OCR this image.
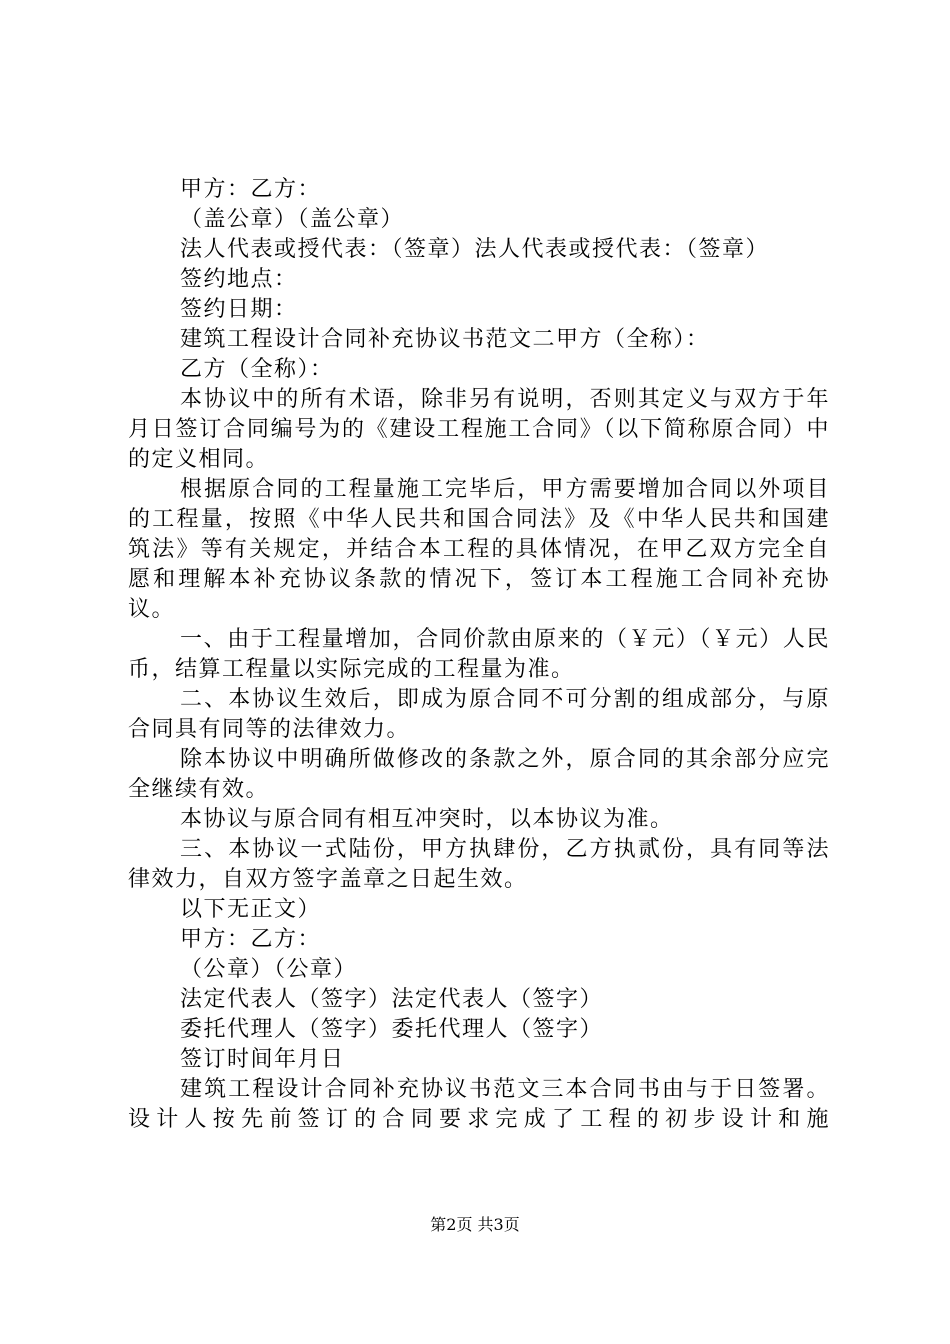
甲方：乙方：

（盖公章）（盖公章）

法人代表或授代表：（签章）法人代表或授代表：（签章）

签约地点：

签约日期：

建筑工程设计合同补充协议书范文二甲方（全称）：

乙方（全称）：

本协议中的所有术语，除非另有说明，否则其定义与双方于年月日签订合同编号为的《建设工程施工合同》（以下简称原合同）中的定义相同。

根据原合同的工程量施工完毕后，甲方需要增加合同以外项目的工程量，按照《中华人民共和国合同法》及《中华人民共和国建筑法》等有关规定，并结合本工程的具体情况，在甲乙双方完全自愿和理解本补充协议条款的情况下，签订本工程施工合同补充协议。

一、由于工程量增加，合同价款由原来的（￥元）（￥元）人民币，结算工程量以实际完成的工程量为准。

二、本协议生效后，即成为原合同不可分割的组成部分，与原合同具有同等的法律效力。

除本协议中明确所做修改的条款之外，原合同的其余部分应完全继续有效。

本协议与原合同有相互冲突时，以本协议为准。

三、本协议一式陆份，甲方执肆份，乙方执贰份，具有同等法律效力，自双方签字盖章之日起生效。

以下无正文）

甲方：乙方：

（公章）（公章）

法定代表人（签字）法定代表人（签字）

委托代理人（签字）委托代理人（签字）

签订时间年月日

建筑工程设计合同补充协议书范文三本合同书由与于日签署。设计人按先前签订的合同要求完成了工程的初步设计和施

第2页 共3页
